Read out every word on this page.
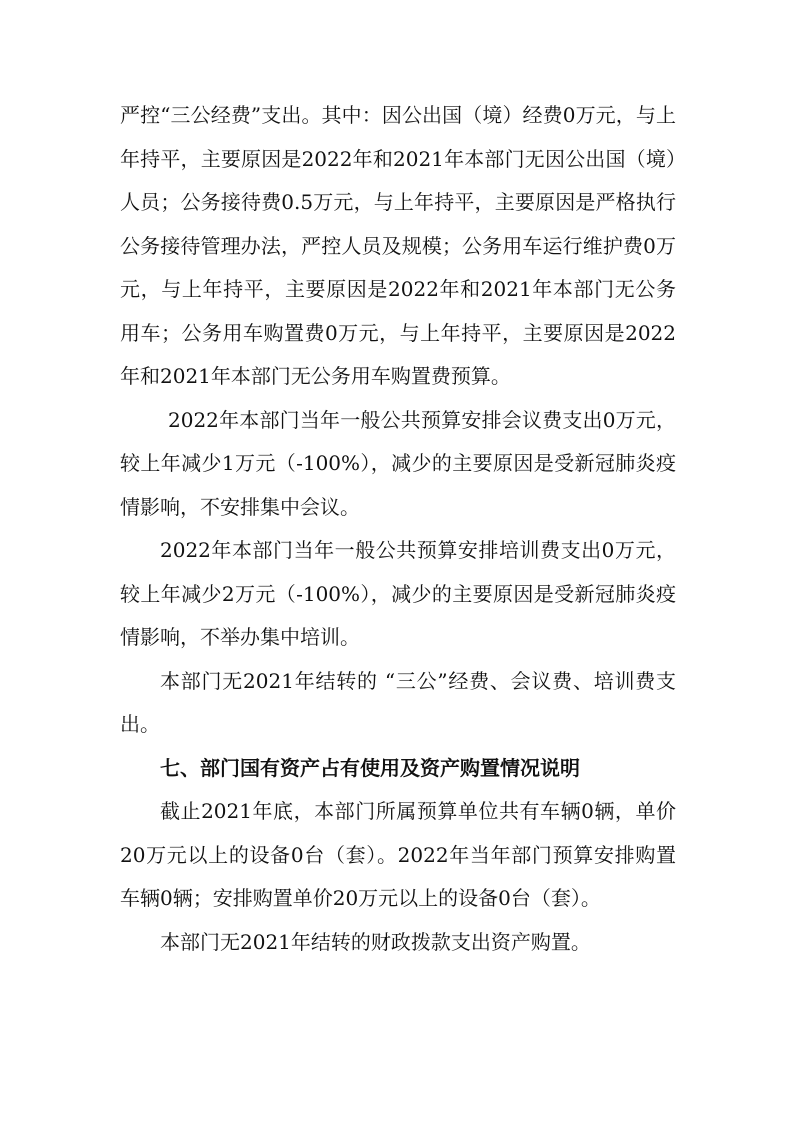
严控“三公经费”支出。其中：因公出国（境）经费0万元，与上年持平，主要原因是2022年和2021年本部门无因公出国（境）人员；公务接待费0.5万元，与上年持平，主要原因是严格执行公务接待管理办法，严控人员及规模；公务用车运行维护费0万元，与上年持平，主要原因是2022年和2021年本部门无公务用车；公务用车购置费0万元，与上年持平，主要原因是2022年和2021年本部门无公务用车购置费预算。

2022年本部门当年一般公共预算安排会议费支出0万元，较上年减少1万元（-100%），减少的主要原因是受新冠肺炎疫情影响，不安排集中会议。

2022年本部门当年一般公共预算安排培训费支出0万元，较上年减少2万元（-100%），减少的主要原因是受新冠肺炎疫情影响，不举办集中培训。

本部门无2021年结转的 “三公”经费、会议费、培训费支出。

七、部门国有资产占有使用及资产购置情况说明

截止2021年底，本部门所属预算单位共有车辆0辆，单价20万元以上的设备0台（套）。2022年当年部门预算安排购置车辆0辆；安排购置单价20万元以上的设备0台（套）。

本部门无2021年结转的财政拨款支出资产购置。
